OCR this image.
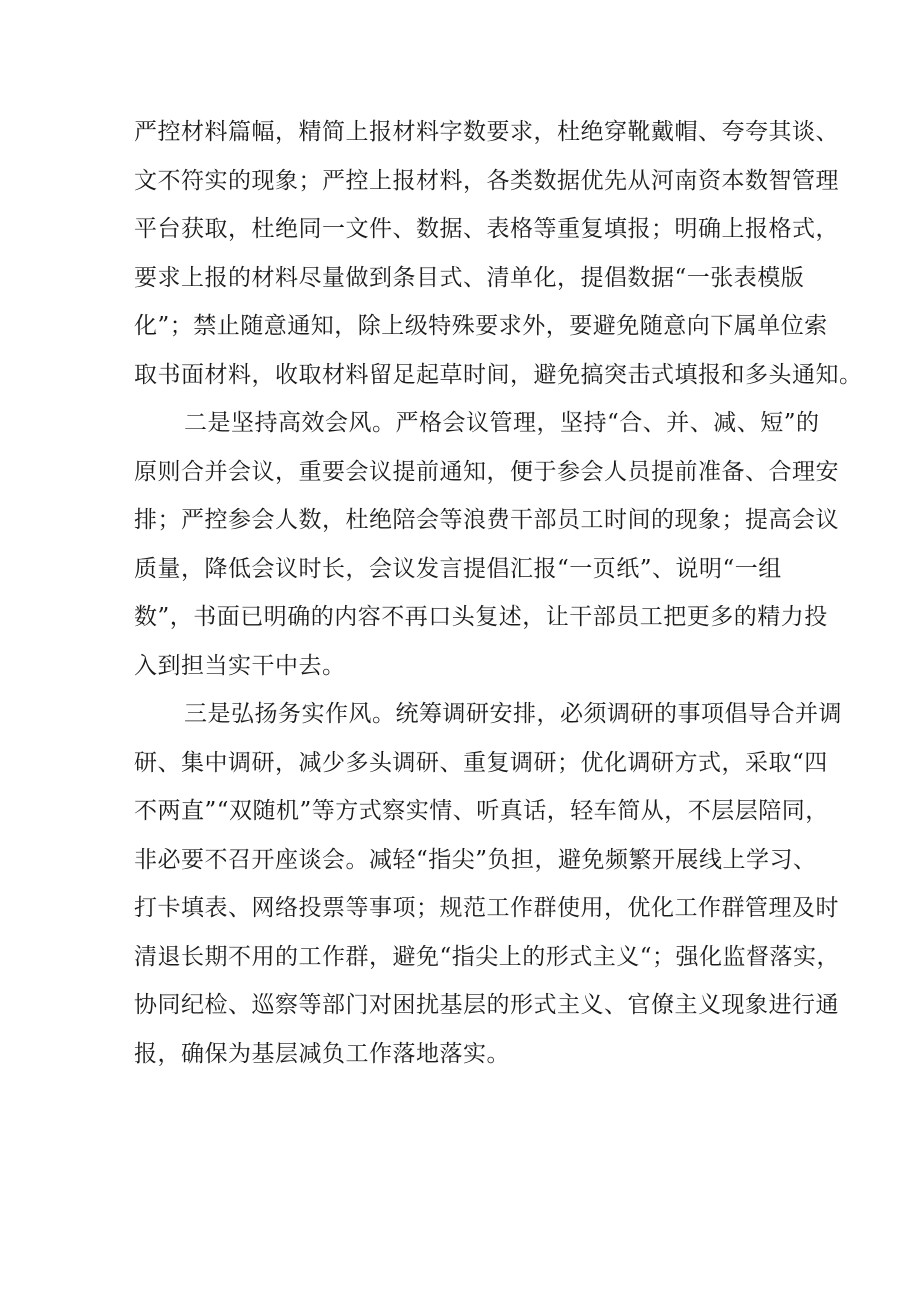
严控材料篇幅，精简上报材料字数要求，杜绝穿靴戴帽、夸夸其谈、
文不符实的现象；严控上报材料，各类数据优先从河南资本数智管理
平台获取，杜绝同一文件、数据、表格等重复填报；明确上报格式，
要求上报的材料尽量做到条目式、清单化，提倡数据“一张表模版
化”；禁止随意通知，除上级特殊要求外，要避免随意向下属单位索
取书面材料，收取材料留足起草时间，避免搞突击式填报和多头通知。
二是坚持高效会风。严格会议管理，坚持“合、并、减、短”的
原则合并会议，重要会议提前通知，便于参会人员提前准备、合理安
排；严控参会人数，杜绝陪会等浪费干部员工时间的现象；提高会议
质量，降低会议时长，会议发言提倡汇报“一页纸”、说明“一组
数”，书面已明确的内容不再口头复述，让干部员工把更多的精力投
入到担当实干中去。
三是弘扬务实作风。统筹调研安排，必须调研的事项倡导合并调
研、集中调研，减少多头调研、重复调研；优化调研方式，采取“四
不两直”“双随机”等方式察实情、听真话，轻车简从，不层层陪同，
非必要不召开座谈会。减轻“指尖”负担，避免频繁开展线上学习、
打卡填表、网络投票等事项；规范工作群使用，优化工作群管理及时
清退长期不用的工作群，避免“指尖上的形式主义“；强化监督落实，
协同纪检、巡察等部门对困扰基层的形式主义、官僚主义现象进行通
报，确保为基层减负工作落地落实。
